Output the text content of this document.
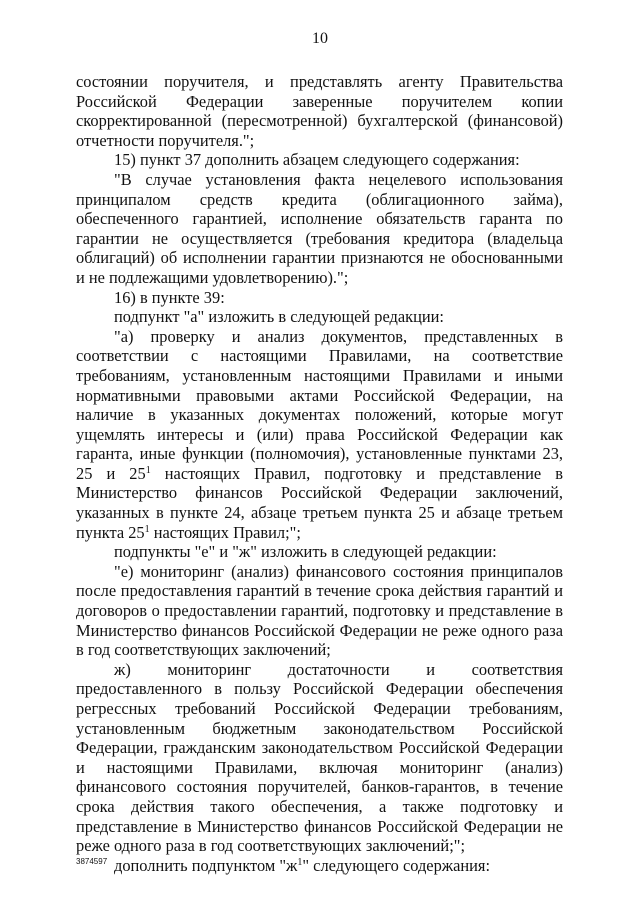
10

состоянии поручителя, и представлять агенту Правительства Российской Федерации заверенные поручителем копии скорректированной (пересмотренной) бухгалтерской (финансовой) отчетности поручителя.";

15) пункт 37 дополнить абзацем следующего содержания:

"В случае установления факта нецелевого использования принципалом средств кредита (облигационного займа), обеспеченного гарантией, исполнение обязательств гаранта по гарантии не осуществляется (требования кредитора (владельца облигаций) об исполнении гарантии признаются не обоснованными и не подлежащими удовлетворению).";

16) в пункте 39:

подпункт "а" изложить в следующей редакции:

"а) проверку и анализ документов, представленных в соответствии с настоящими Правилами, на соответствие требованиям, установленным настоящими Правилами и иными нормативными правовыми актами Российской Федерации, на наличие в указанных документах положений, которые могут ущемлять интересы и (или) права Российской Федерации как гаранта, иные функции (полномочия), установленные пунктами 23, 25 и $25^1$ настоящих Правил, подготовку и представление в Министерство финансов Российской Федерации заключений, указанных в пункте 24, абзаце третьем пункта 25 и абзаце третьем пункта $25^1$ настоящих Правил;";

подпункты "е" и "ж" изложить в следующей редакции:

"е) мониторинг (анализ) финансового состояния принципалов после предоставления гарантий в течение срока действия гарантий и договоров о предоставлении гарантий, подготовку и представление в Министерство финансов Российской Федерации не реже одного раза в год соответствующих заключений;

ж) мониторинг достаточности и соответствия предоставленного в пользу Российской Федерации обеспечения регрессных требований Российской Федерации требованиям, установленным бюджетным законодательством Российской Федерации, гражданским законодательством Российской Федерации и настоящими Правилами, включая мониторинг (анализ) финансового состояния поручителей, банков-гарантов, в течение срока действия такого обеспечения, а также подготовку и представление в Министерство финансов Российской Федерации не реже одного раза в год соответствующих заключений;";

дополнить подпунктом "$ж^1$" следующего содержания:

3874597
